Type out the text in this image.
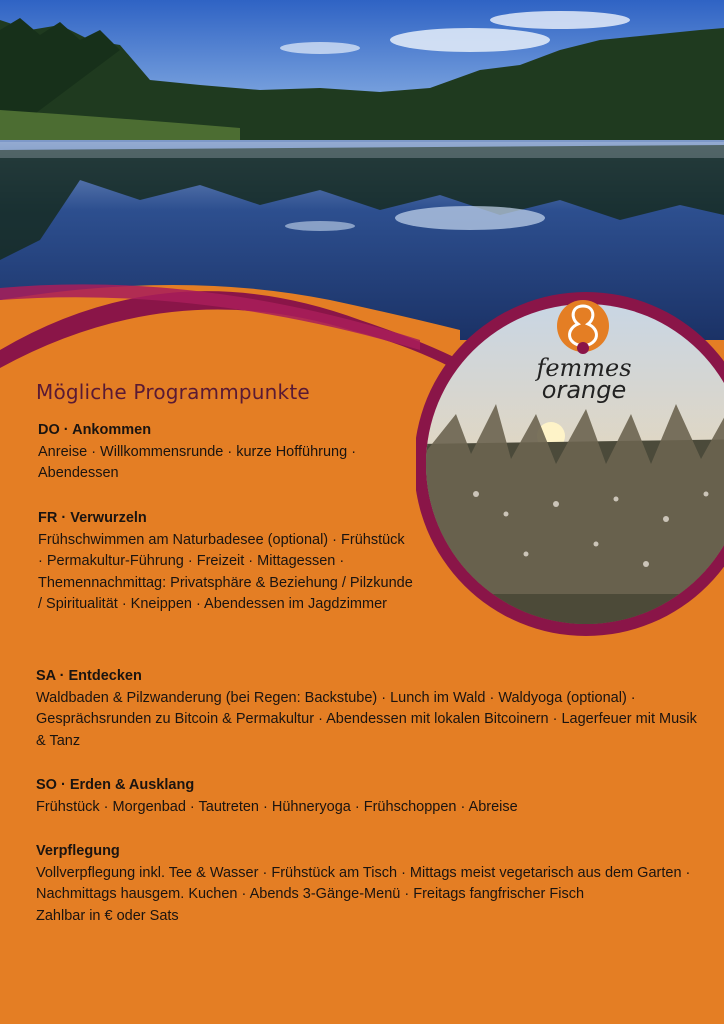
femmes
orange
Mögliche Programmpunkte
DO · Ankommen
Anreise · Willkommensrunde · kurze Hofführung · Abendessen
FR · Verwurzeln
Frühschwimmen am Naturbadesee (optional) · Frühstück · Permakultur-Führung · Freizeit · Mittagessen · Themennachmittag: Privatsphäre & Beziehung / Pilzkunde / Spiritualität · Kneippen · Abendessen im Jagdzimmer
SA · Entdecken
Waldbaden & Pilzwanderung (bei Regen: Backstube) · Lunch im Wald · Waldyoga (optional) · Gesprächsrunden zu Bitcoin & Permakultur · Abendessen mit lokalen Bitcoinern · Lagerfeuer mit Musik & Tanz
SO · Erden & Ausklang
Frühstück · Morgenbad · Tautreten · Hühneryoga · Frühschoppen · Abreise
Verpflegung
Vollverpflegung inkl. Tee & Wasser · Frühstück am Tisch · Mittags meist vegetarisch aus dem Garten · Nachmittags hausgem. Kuchen · Abends 3-Gänge-Menü · Freitags fangfrischer Fisch
Zahlbar in € oder Sats
